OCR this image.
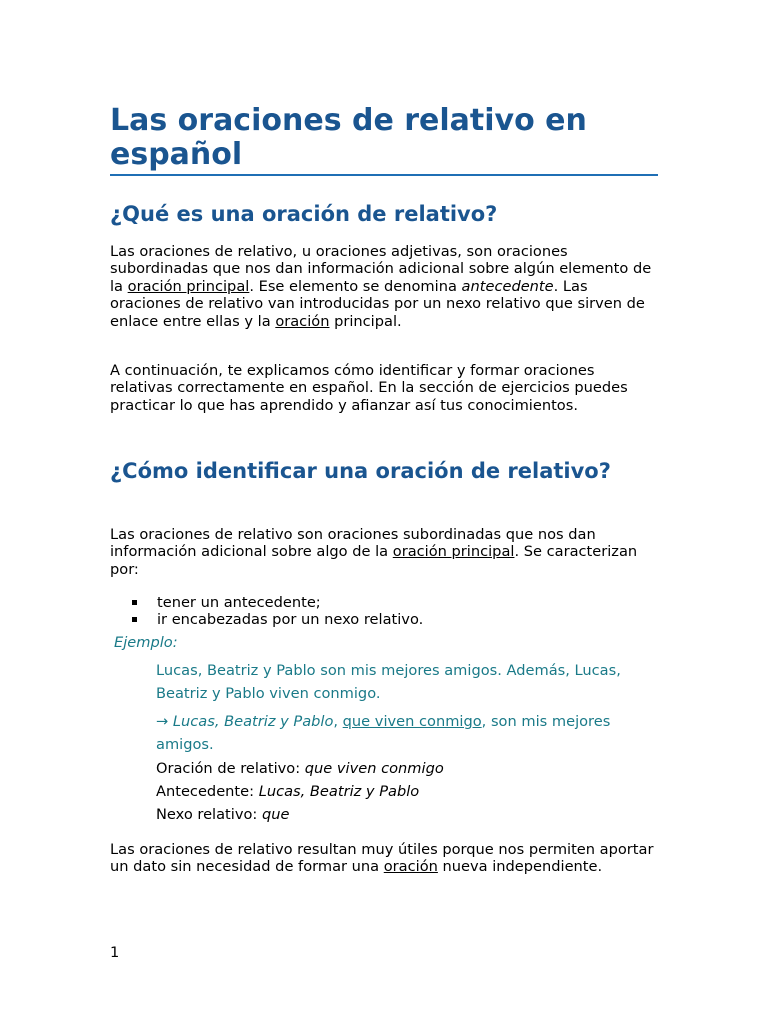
Las oraciones de relativo en español
¿Qué es una oración de relativo?

Las oraciones de relativo, u oraciones adjetivas, son oraciones subordinadas que nos dan información adicional sobre algún elemento de la oración principal. Ese elemento se denomina antecedente. Las oraciones de relativo van introducidas por un nexo relativo que sirven de enlace entre ellas y la oración principal.

A continuación, te explicamos cómo identificar y formar oraciones relativas correctamente en español. En la sección de ejercicios puedes practicar lo que has aprendido y afianzar así tus conocimientos.

¿Cómo identificar una oración de relativo?

Las oraciones de relativo son oraciones subordinadas que nos dan información adicional sobre algo de la oración principal. Se caracterizan por:

tener un antecedente;
ir encabezadas por un nexo relativo.

Ejemplo:

Lucas, Beatriz y Pablo son mis mejores amigos. Además, Lucas, Beatriz y Pablo viven conmigo.

→ Lucas, Beatriz y Pablo, que viven conmigo, son mis mejores amigos.

Oración de relativo: que viven conmigo

Antecedente: Lucas, Beatriz y Pablo

Nexo relativo: que

Las oraciones de relativo resultan muy útiles porque nos permiten aportar un dato sin necesidad de formar una oración nueva independiente.

1
